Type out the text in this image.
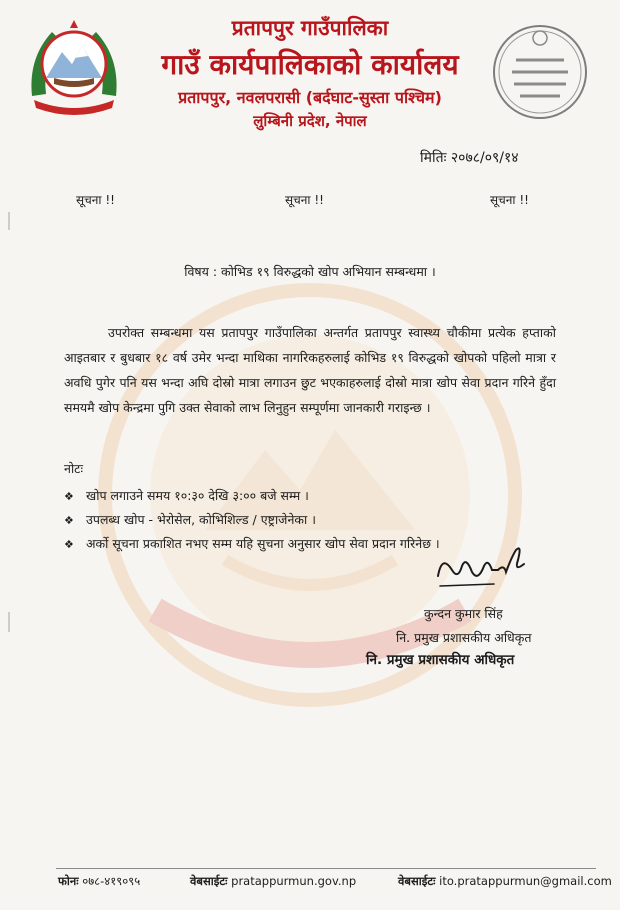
प्रतापपुर गाउँपालिका
गाउँ कार्यपालिकाको कार्यालय
प्रतापपुर, नवलपरासी (बर्दघाट-सुस्ता पश्चिम)
लुम्बिनी प्रदेश, नेपाल
मितिः २०७८/०९/१४
सूचना !!	सूचना !!	सूचना !!
विषय : कोभिड १९ विरुद्धको खोप अभियान सम्बन्धमा ।

उपरोक्त सम्बन्धमा यस प्रतापपुर गाउँपालिका अन्तर्गत प्रतापपुर स्वास्थ्य चौकीमा प्रत्येक हप्ताको आइतबार र बुधबार १८ वर्ष उमेर भन्दा माथिका नागरिकहरुलाई कोभिड १९ विरुद्धको खोपको पहिलो मात्रा र अवधि पुगेर पनि यस भन्दा अघि दोस्रो मात्रा लगाउन छुट भएकाहरुलाई दोस्रो मात्रा खोप सेवा प्रदान गरिने हुँदा समयमै खोप केन्द्रमा पुगि उक्त सेवाको लाभ लिनुहुन सम्पूर्णमा जानकारी गराइन्छ ।

नोटः
❖ खोप लगाउने समय १०:३० देखि ३:०० बजे सम्म ।
❖ उपलब्ध खोप - भेरोसेल, कोभिशिल्ड / एष्ट्राजेनेका ।
❖ अर्को सूचना प्रकाशित नभए सम्म यहि सुचना अनुसार खोप सेवा प्रदान गरिनेछ ।
कुन्दन कुमार सिंह
नि. प्रमुख प्रशासकीय अधिकृत
नि. प्रमुख प्रशासकीय अधिकृत
फोनः ०७८-४१९०९५	वेबसाईटः pratappurmun.gov.np	वेबसाईटः ito.pratappurmun@gmail.com
